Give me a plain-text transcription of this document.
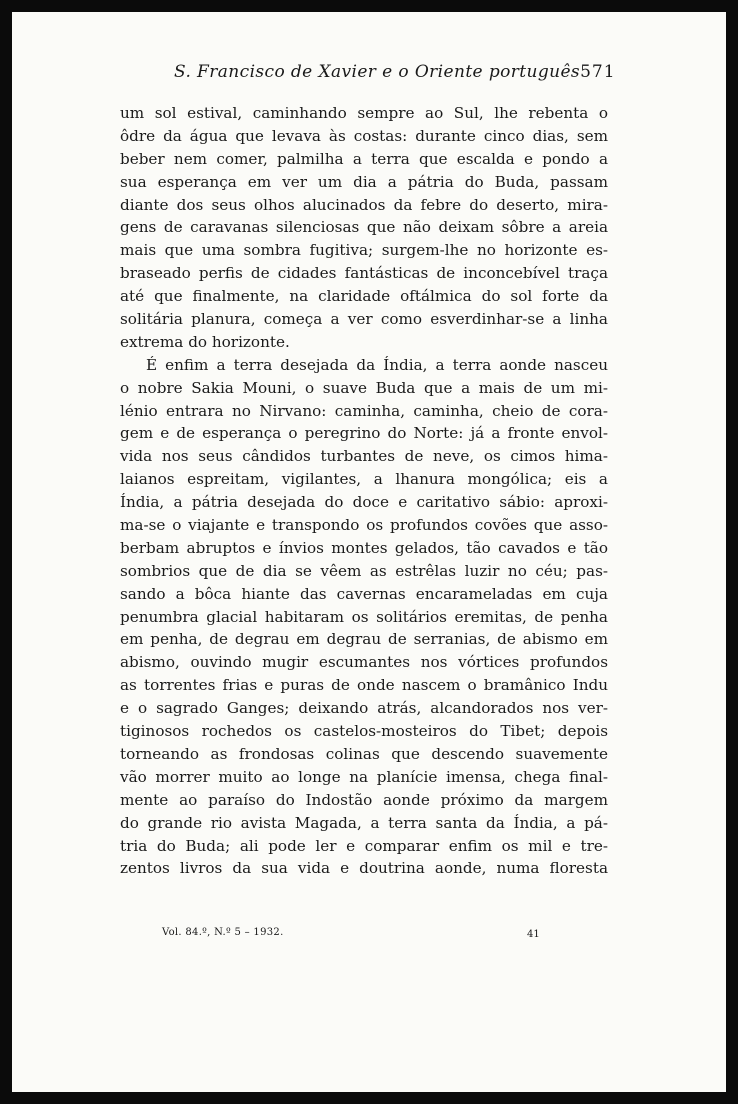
S. Francisco de Xavier e o Oriente português 571
um sol estival, caminhando sempre ao Sul, lhe rebenta o
ôdre da água que levava às costas: durante cinco dias, sem
beber nem comer, palmilha a terra que escalda e pondo a
sua esperança em ver um dia a pátria do Buda, passam
diante dos seus olhos alucinados da febre do deserto, mira-
gens de caravanas silenciosas que não deixam sôbre a areia
mais que uma sombra fugitiva; surgem-lhe no horizonte es-
braseado perfis de cidades fantásticas de inconcebível traça
até que finalmente, na claridade oftálmica do sol forte da
solitária planura, começa a ver como esverdinhar-se a linha
extrema do horizonte.
É enfim a terra desejada da Índia, a terra aonde nasceu
o nobre Sakia Mouni, o suave Buda que a mais de um mi-
lénio entrara no Nirvano: caminha, caminha, cheio de cora-
gem e de esperança o peregrino do Norte: já a fronte envol-
vida nos seus cândidos turbantes de neve, os cimos hima-
laianos espreitam, vigilantes, a lhanura mongólica; eis a
Índia, a pátria desejada do doce e caritativo sábio: aproxi-
ma-se o viajante e transpondo os profundos covões que asso-
berbam abruptos e ínvios montes gelados, tão cavados e tão
sombrios que de dia se vêem as estrêlas luzir no céu; pas-
sando a bôca hiante das cavernas encarameladas em cuja
penumbra glacial habitaram os solitários eremitas, de penha
em penha, de degrau em degrau de serranias, de abismo em
abismo, ouvindo mugir escumantes nos vórtices profundos
as torrentes frias e puras de onde nascem o bramânico Indu
e o sagrado Ganges; deixando atrás, alcandorados nos ver-
tiginosos rochedos os castelos-mosteiros do Tibet; depois
torneando as frondosas colinas que descendo suavemente
vão morrer muito ao longe na planície imensa, chega final-
mente ao paraíso do Indostão aonde próximo da margem
do grande rio avista Magada, a terra santa da Índia, a pá-
tria do Buda; ali pode ler e comparar enfim os mil e tre-
zentos livros da sua vida e doutrina aonde, numa floresta
Vol. 84.º, N.º 5 – 1932.	41
